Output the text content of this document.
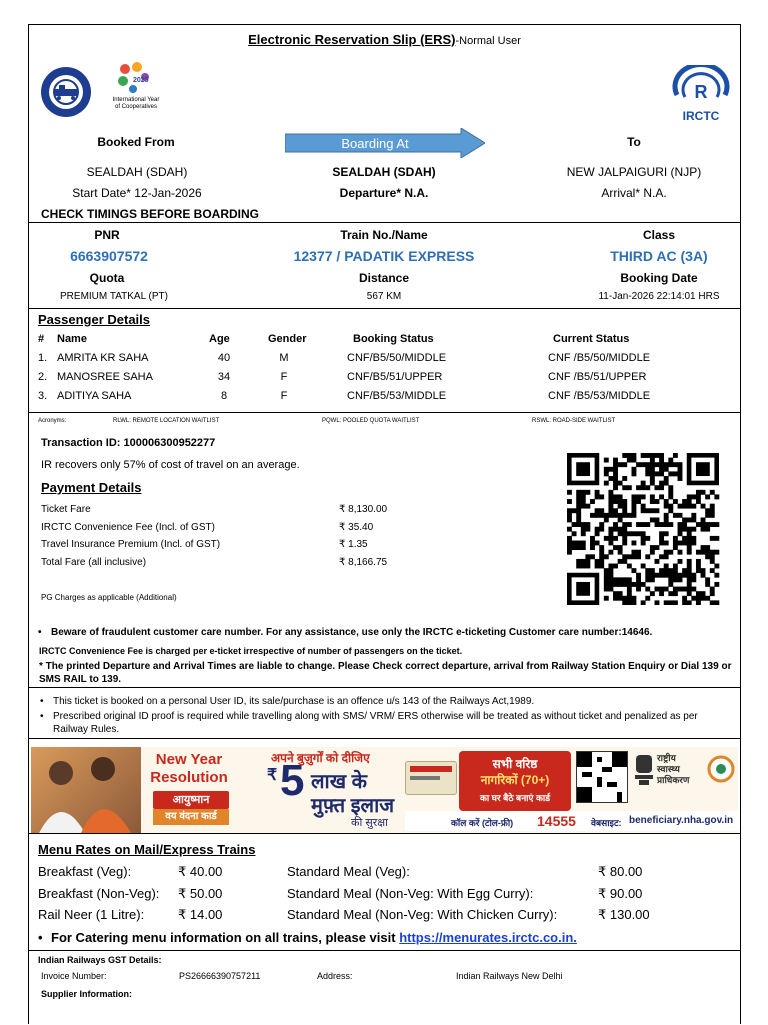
Electronic Reservation Slip (ERS)-Normal User
2025
International Year
of Cooperatives
R
IRCTC
Booked From	Boarding At	To
SEALDAH (SDAH)	SEALDAH (SDAH)	NEW JALPAIGURI (NJP)
Start Date* 12-Jan-2026	Departure* N.A.	Arrival* N.A.
CHECK TIMINGS BEFORE BOARDING
PNR	Train No./Name	Class
6663907572	12377 / PADATIK EXPRESS	THIRD AC (3A)
Quota	Distance	Booking Date
PREMIUM TATKAL (PT)	567 KM	11-Jan-2026 22:14:01 HRS
Passenger Details
# Name	Age	Gender	Booking Status	Current Status
1. AMRITA KR SAHA	40	M	CNF/B5/50/MIDDLE	CNF /B5/50/MIDDLE
2. MANOSREE SAHA	34	F	CNF/B5/51/UPPER	CNF /B5/51/UPPER
3. ADITIYA SAHA	8	F	CNF/B5/53/MIDDLE	CNF /B5/53/MIDDLE
Acronyms:	RLWL: REMOTE LOCATION WAITLIST	PQWL: POOLED QUOTA WAITLIST	RSWL: ROAD-SIDE WAITLIST
Transaction ID: 100006300952277
IR recovers only 57% of cost of travel on an average.
Payment Details
Ticket Fare	₹ 8,130.00
IRCTC Convenience Fee (Incl. of GST)	₹ 35.40
Travel Insurance Premium (Incl. of GST)	₹ 1.35
Total Fare (all inclusive)	₹ 8,166.75
PG Charges as applicable (Additional)
• Beware of fraudulent customer care number. For any assistance, use only the IRCTC e-ticketing Customer care number:14646.
IRCTC Convenience Fee is charged per e-ticket irrespective of number of passengers on the ticket.
* The printed Departure and Arrival Times are liable to change. Please Check correct departure, arrival from Railway Station Enquiry or Dial 139 or SMS RAIL to 139.
• This ticket is booked on a personal User ID, its sale/purchase is an offence u/s 143 of the Railways Act,1989.
• Prescribed original ID proof is required while travelling along with SMS/ VRM/ ERS otherwise will be treated as without ticket and penalized as per Railway Rules.
New Year
Resolution
आयुष्मान
वय वंदना कार्ड
अपने बुज़ुर्गों को दीजिए
₹ 5 लाख के
मुफ़्त इलाज
की सुरक्षा
सभी वरिष्ठ
नागरिकों (70+)
का घर बैठे बनाएं कार्ड
राष्ट्रीय
स्वास्थ्य
प्राधिकरण
कॉल करें (टोल-फ्री) 14555 वेबसाइट: beneficiary.nha.gov.in
Menu Rates on Mail/Express Trains
Breakfast (Veg):	₹ 40.00	Standard Meal (Veg):	₹ 80.00
Breakfast (Non-Veg): ₹ 50.00	Standard Meal (Non-Veg: With Egg Curry):	₹ 90.00
Rail Neer (1 Litre):	₹ 14.00	Standard Meal (Non-Veg: With Chicken Curry):	₹ 130.00
• For Catering menu information on all trains, please visit https://menurates.irctc.co.in.
Indian Railways GST Details:
Invoice Number:	PS26666390757211	Address:	Indian Railways New Delhi
Supplier Information:
